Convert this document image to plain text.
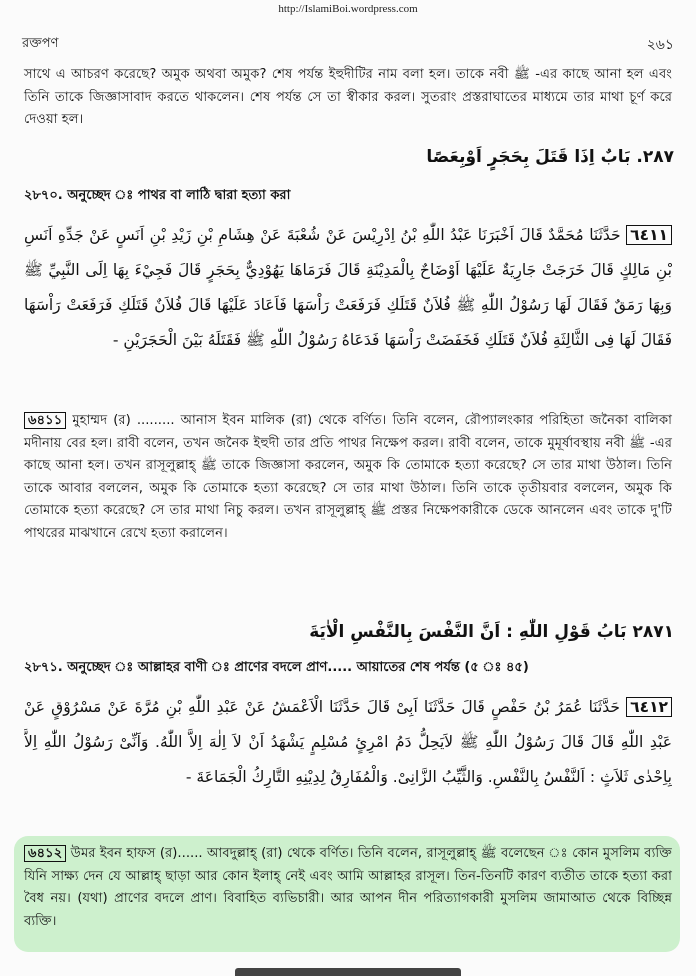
http://IslamiBoi.wordpress.com
রক্তপণ	২৬১
সাথে এ আচরণ করেছে? অমুক অথবা অমুক? শেষ পর্যন্ত ইহুদীটির নাম বলা হল। তাকে নবী ﷺ -এর কাছে আনা হল এবং তিনি তাকে জিজ্ঞাসাবাদ করতে থাকলেন। শেষ পর্যন্ত সে তা স্বীকার করল। সুতরাং প্রস্তরাঘাতের মাধ্যমে তার মাথা চূর্ণ করে দেওয়া হল।
٢٨٧. بَابٌ اِذَا قَتَلَ بِحَجَرٍ اَوْبِعَصًا
২৮৭০. অনুচ্ছেদ ঃ পাথর বা লাঠি দ্বারা হত্যা করা
٦٤١١ حَدَّثَنَا مُحَمَّدٌ قَالَ اَخْبَرَنَا عَبْدُ اللّٰهِ بْنُ اِدْرِيْسَ عَنْ شُعْبَةَ عَنْ هِشَامِ بْنِ زَيْدِ بْنِ اَنَسٍ عَنْ جَدِّهِ اَنَسِ بْنِ مَالِكٍ قَالَ خَرَجَتْ جَارِيَةٌ عَلَيْهَا اَوْضَاحٌ بِالْمَدِيْنَةِ قَالَ فَرَمَاهَا يَهُوْدِيٌّ بِحَجَرٍ قَالَ فَجِيْءَ بِهَا اِلَى النَّبِيِّ ﷺ وَبِهَا رَمَقٌ فَقَالَ لَهَا رَسُوْلُ اللّٰهِ ﷺ فُلاَنٌ قَتَلَكِ فَرَفَعَتْ رَاْسَهَا فَاَعَادَ عَلَيْهَا قَالَ فُلاَنٌ قَتَلَكِ فَرَفَعَتْ رَاْسَهَا فَقَالَ لَهَا فِى الثَّالِثَةِ فُلاَنٌ قَتَلَكِ فَخَفَضَتْ رَاْسَهَا فَدَعَاهُ رَسُوْلُ اللّٰهِ ﷺ فَقَتَلَهُ بَيْنَ الْحَجَرَيْنِ -
৬৪১১ মুহাম্মদ (র) ......... আনাস ইবন মালিক (রা) থেকে বর্ণিত। তিনি বলেন, রৌপ্যালংকার পরিহিতা জনৈকা বালিকা মদীনায় বের হল। রাবী বলেন, তখন জনৈক ইহুদী তার প্রতি পাথর নিক্ষেপ করল। রাবী বলেন, তাকে মুমূর্ষাবস্থায় নবী ﷺ -এর কাছে আনা হল। তখন রাসূলুল্লাহ্ ﷺ তাকে জিজ্ঞাসা করলেন, অমুক কি তোমাকে হত্যা করেছে? সে তার মাথা উঠাল। তিনি তাকে আবার বললেন, অমুক কি তোমাকে হত্যা করেছে? সে তার মাথা উঠাল। তিনি তাকে তৃতীয়বার বললেন, অমুক কি তোমাকে হত্যা করেছে? সে তার মাথা নিচু করল। তখন রাসূলুল্লাহ্ ﷺ প্রস্তর নিক্ষেপকারীকে ডেকে আনলেন এবং তাকে দু'টি পাথরের মাঝখানে রেখে হত্যা করালেন।
٢٨٧١ بَابُ قَوْلِ اللّٰهِ : اَنَّ النَّفْسَ بِالنَّفْسِ الْاٰيَةَ
২৮৭১. অনুচ্ছেদ ঃ আল্লাহর বাণী ঃ প্রাণের বদলে প্রাণ..... আয়াতের শেষ পর্যন্ত (৫ ঃ ৪৫)
٦٤١٢ حَدَّثَنَا عُمَرُ بْنُ حَفْصٍ قَالَ حَدَّثَنَا اَبِىْ قَالَ حَدَّثَنَا الْاَعْمَشُ عَنْ عَبْدِ اللّٰهِ بْنِ مُرَّةَ عَنْ مَسْرُوْقٍ عَنْ عَبْدِ اللّٰهِ قَالَ قَالَ رَسُوْلُ اللّٰهِ ﷺ لاَيَحِلُّ دَمُ امْرِئٍ مُسْلِمٍ يَشْهَدُ اَنْ لاَ اِلٰهَ اِلاَّ اللّٰهُ. وَاَنِّىْ رَسُوْلُ اللّٰهِ اِلاَّ بِاِحْدٰى ثَلاَثٍ : اَلنَّفْسُ بِالنَّفْسِ. وَالثَّيِّبُ الزَّانِىْ. وَالْمُفَارِقُ لِدِيْنِهِ التَّارِكُ الْجَمَاعَةَ -
৬৪১২ উমর ইবন হাফস (র)...... আবদুল্লাহ্ (রা) থেকে বর্ণিত। তিনি বলেন, রাসূলুল্লাহ্ ﷺ বলেছেন ঃ কোন মুসলিম ব্যক্তি যিনি সাক্ষ্য দেন যে আল্লাহ্ ছাড়া আর কোন ইলাহ্ নেই এবং আমি আল্লাহর রাসূল। তিন-তিনটি কারণ ব্যতীত তাকে হত্যা করা বৈধ নয়। (যথা) প্রাণের বদলে প্রাণ। বিবাহিত ব্যভিচারী। আর আপন দীন পরিত্যাগকারী মুসলিম জামাআত থেকে বিচ্ছিন্ন ব্যক্তি।
